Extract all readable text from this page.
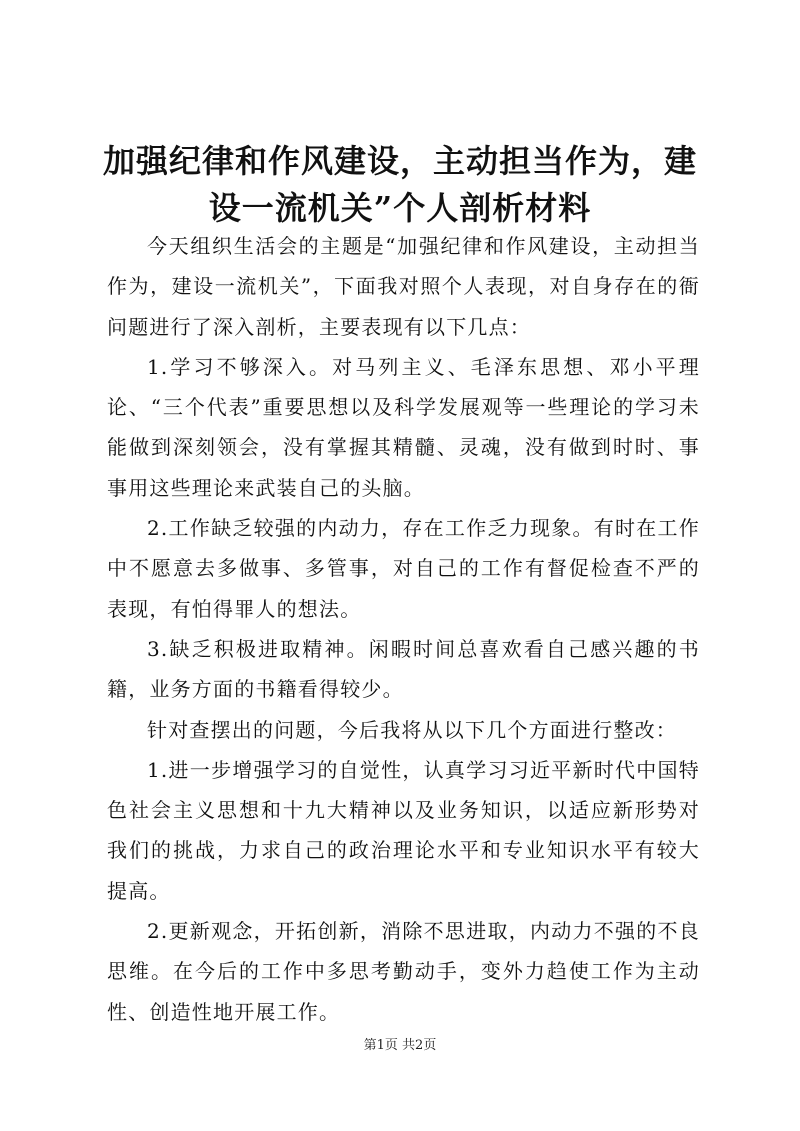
加强纪律和作风建设，主动担当作为，建设一流机关”个人剖析材料

今天组织生活会的主题是“加强纪律和作风建设，主动担当作为，建设一流机关”，下面我对照个人表现，对自身存在的衙问题进行了深入剖析，主要表现有以下几点：

1.学习不够深入。对马列主义、毛泽东思想、邓小平理论、“三个代表”重要思想以及科学发展观等一些理论的学习未能做到深刻领会，没有掌握其精髓、灵魂，没有做到时时、事事用这些理论来武装自己的头脑。

2.工作缺乏较强的内动力，存在工作乏力现象。有时在工作中不愿意去多做事、多管事，对自己的工作有督促检查不严的表现，有怕得罪人的想法。

3.缺乏积极进取精神。闲暇时间总喜欢看自己感兴趣的书籍，业务方面的书籍看得较少。

针对查摆出的问题，今后我将从以下几个方面进行整改：

1.进一步增强学习的自觉性，认真学习习近平新时代中国特色社会主义思想和十九大精神以及业务知识，以适应新形势对我们的挑战，力求自己的政治理论水平和专业知识水平有较大提高。

2.更新观念，开拓创新，消除不思进取，内动力不强的不良思维。在今后的工作中多思考勤动手，变外力趋使工作为主动性、创造性地开展工作。

第1页 共2页
